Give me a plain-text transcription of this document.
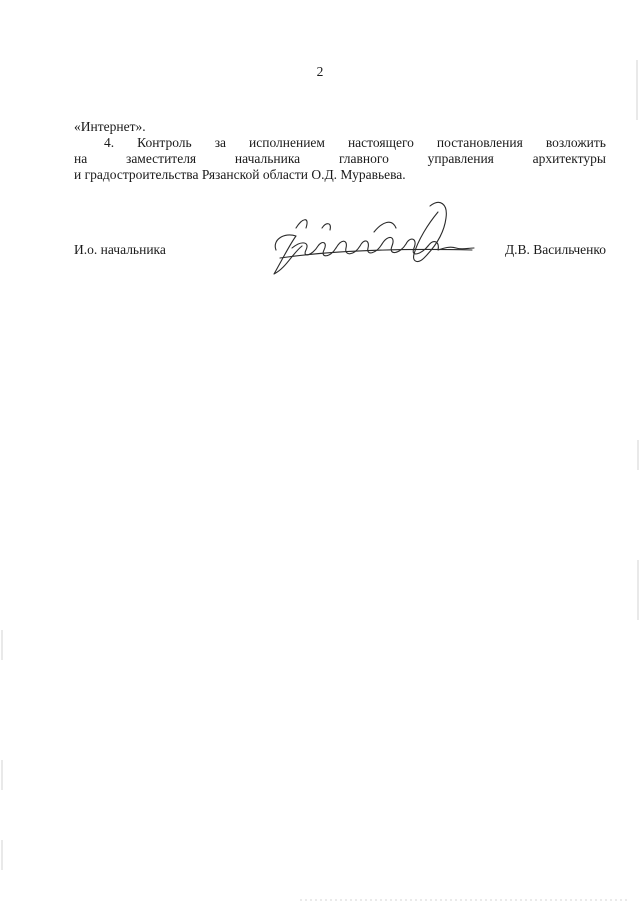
2
«Интернет».
4. Контроль за исполнением настоящего постановления возложить
на	заместителя	начальника	главного	управления	архитектуры
и градостроительства Рязанской области О.Д. Муравьева.
И.о. начальника	Д.В. Васильченко
